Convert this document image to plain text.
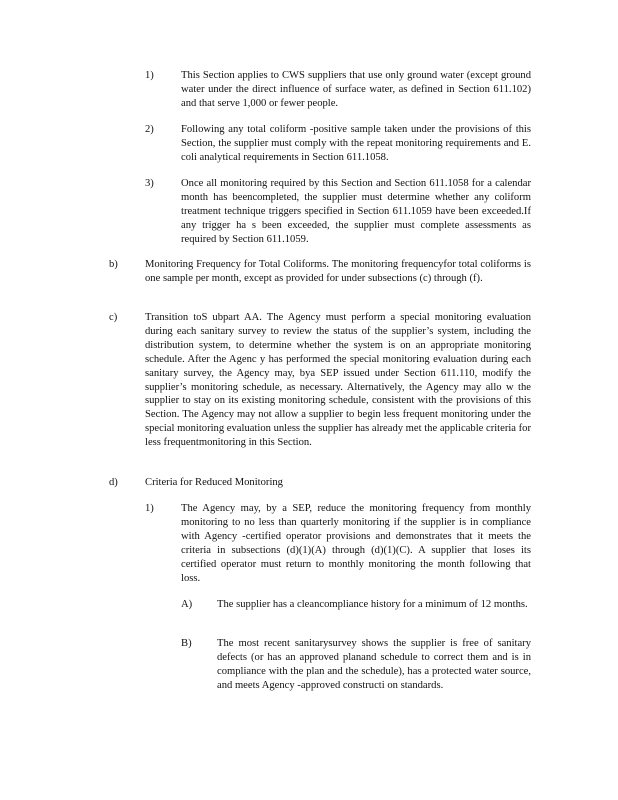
1)	This Section applies to CWS suppliers that use only ground water (except ground water under the direct influence of surface water, as defined in Section 611.102) and that serve 1,000 or fewer people.
2)	Following any total coliform -positive sample taken under the provisions of this Section, the supplier must comply with the repeat monitoring requirements and E. coli analytical requirements in Section 611.1058.
3)	Once all monitoring required by this Section and Section 611.1058 for a calendar month has beencompleted, the supplier must determine whether any coliform treatment technique triggers specified in Section 611.1059 have been exceeded.If any trigger ha s been exceeded, the supplier must complete assessments as required by Section 611.1059.
b)	Monitoring Frequency for Total Coliforms. The monitoring frequencyfor total coliforms is one sample per month, except as provided for under subsections (c) through (f).
c)	Transition toS ubpart AA. The Agency must perform a special monitoring evaluation during each sanitary survey to review the status of the supplier’s system, including the distribution system, to determine whether the system is on an appropriate monitoring schedule. After the Agenc y has performed the special monitoring evaluation during each sanitary survey, the Agency may, bya SEP issued under Section 611.110, modify the supplier’s monitoring schedule, as necessary. Alternatively, the Agency may allo w the supplier to stay on its existing monitoring schedule, consistent with the provisions of this Section. The Agency may not allow a supplier to begin less frequent monitoring under the special monitoring evaluation unless the supplier has already met the applicable criteria for less frequentmonitoring in this Section.
d)	Criteria for Reduced Monitoring
1)	The Agency may, by a SEP, reduce the monitoring frequency from monthly monitoring to no less than quarterly monitoring if the supplier is in compliance with Agency -certified operator provisions and demonstrates that it meets the criteria in subsections (d)(1)(A) through (d)(1)(C). A supplier that loses its certified operator must return to monthly monitoring the month following that loss.
A) The supplier has a cleancompliance history for a minimum of 12 months.
B) The most recent sanitarysurvey shows the supplier is free of sanitary defects (or has an approved planand schedule to correct them and is in compliance with the plan and the schedule), has a protected water source, and meets Agency -approved constructi on standards.
